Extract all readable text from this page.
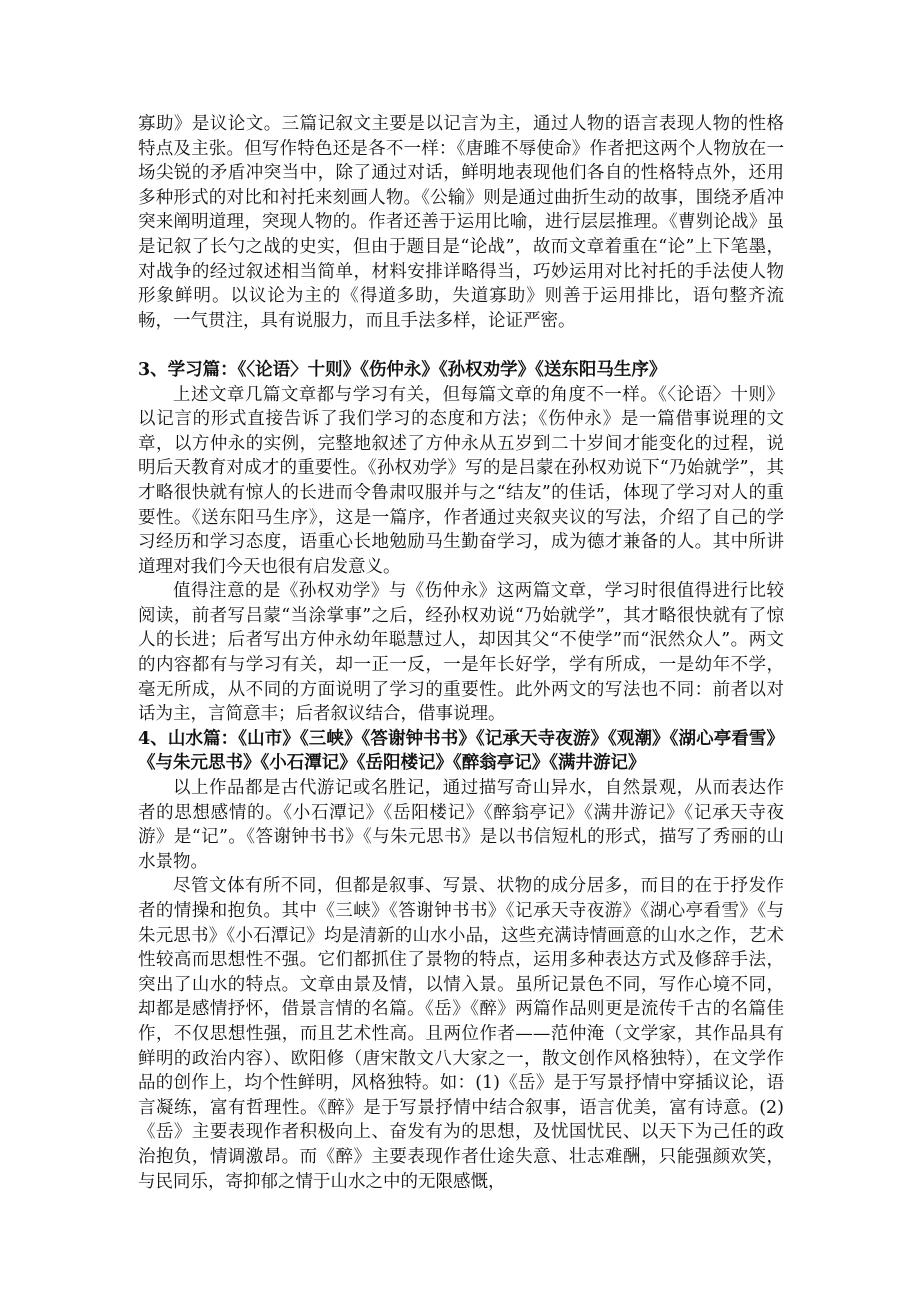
寡助》是议论文。三篇记叙文主要是以记言为主，通过人物的语言表现人物的性格特点及主张。但写作特色还是各不一样：《唐雎不辱使命》作者把这两个人物放在一场尖锐的矛盾冲突当中，除了通过对话，鲜明地表现他们各自的性格特点外，还用多种形式的对比和衬托来刻画人物。《公输》则是通过曲折生动的故事，围绕矛盾冲突来阐明道理，突现人物的。作者还善于运用比喻，进行层层推理。《曹刿论战》虽是记叙了长勺之战的史实，但由于题目是“论战”，故而文章着重在“论”上下笔墨，对战争的经过叙述相当简单，材料安排详略得当，巧妙运用对比衬托的手法使人物形象鲜明。以议论为主的《得道多助，失道寡助》则善于运用排比，语句整齐流畅，一气贯注，具有说服力，而且手法多样，论证严密。

3、学习篇：《〈论语〉十则》《伤仲永》《孙权劝学》《送东阳马生序》

上述文章几篇文章都与学习有关，但每篇文章的角度不一样。《〈论语〉十则》以记言的形式直接告诉了我们学习的态度和方法；《伤仲永》是一篇借事说理的文章，以方仲永的实例，完整地叙述了方仲永从五岁到二十岁间才能变化的过程，说明后天教育对成才的重要性。《孙权劝学》写的是吕蒙在孙权劝说下“乃始就学”，其才略很快就有惊人的长进而令鲁肃叹服并与之“结友”的佳话，体现了学习对人的重要性。《送东阳马生序》，这是一篇序，作者通过夹叙夹议的写法，介绍了自己的学习经历和学习态度，语重心长地勉励马生勤奋学习，成为德才兼备的人。其中所讲道理对我们今天也很有启发意义。

值得注意的是《孙权劝学》与《伤仲永》这两篇文章，学习时很值得进行比较阅读，前者写吕蒙“当涂掌事”之后，经孙权劝说“乃始就学”，其才略很快就有了惊人的长进；后者写出方仲永幼年聪慧过人，却因其父“不使学”而“泯然众人”。两文的内容都有与学习有关，却一正一反，一是年长好学，学有所成，一是幼年不学，毫无所成，从不同的方面说明了学习的重要性。此外两文的写法也不同：前者以对话为主，言简意丰；后者叙议结合，借事说理。

4、山水篇：《山市》《三峡》《答谢钟书书》《记承天寺夜游》《观潮》《湖心亭看雪》《与朱元思书》《小石潭记》《岳阳楼记》《醉翁亭记》《满井游记》

以上作品都是古代游记或名胜记，通过描写奇山异水，自然景观，从而表达作者的思想感情的。《小石潭记》《岳阳楼记》《醉翁亭记》《满井游记》《记承天寺夜游》是“记”。《答谢钟书书》《与朱元思书》是以书信短札的形式，描写了秀丽的山水景物。

尽管文体有所不同，但都是叙事、写景、状物的成分居多，而目的在于抒发作者的情操和抱负。其中《三峡》《答谢钟书书》《记承天寺夜游》《湖心亭看雪》《与朱元思书》《小石潭记》均是清新的山水小品，这些充满诗情画意的山水之作，艺术性较高而思想性不强。它们都抓住了景物的特点，运用多种表达方式及修辞手法，突出了山水的特点。文章由景及情，以情入景。虽所记景色不同，写作心境不同，却都是感情抒怀，借景言情的名篇。《岳》《醉》两篇作品则更是流传千古的名篇佳作，不仅思想性强，而且艺术性高。且两位作者——范仲淹（文学家，其作品具有鲜明的政治内容）、欧阳修（唐宋散文八大家之一，散文创作风格独特），在文学作品的创作上，均个性鲜明，风格独特。如：(1)《岳》是于写景抒情中穿插议论，语言凝练，富有哲理性。《醉》是于写景抒情中结合叙事，语言优美，富有诗意。(2)《岳》主要表现作者积极向上、奋发有为的思想，及忧国忧民、以天下为己任的政治抱负，情调激昂。而《醉》主要表现作者仕途失意、壮志难酬，只能强颜欢笑，与民同乐，寄抑郁之情于山水之中的无限感慨，
